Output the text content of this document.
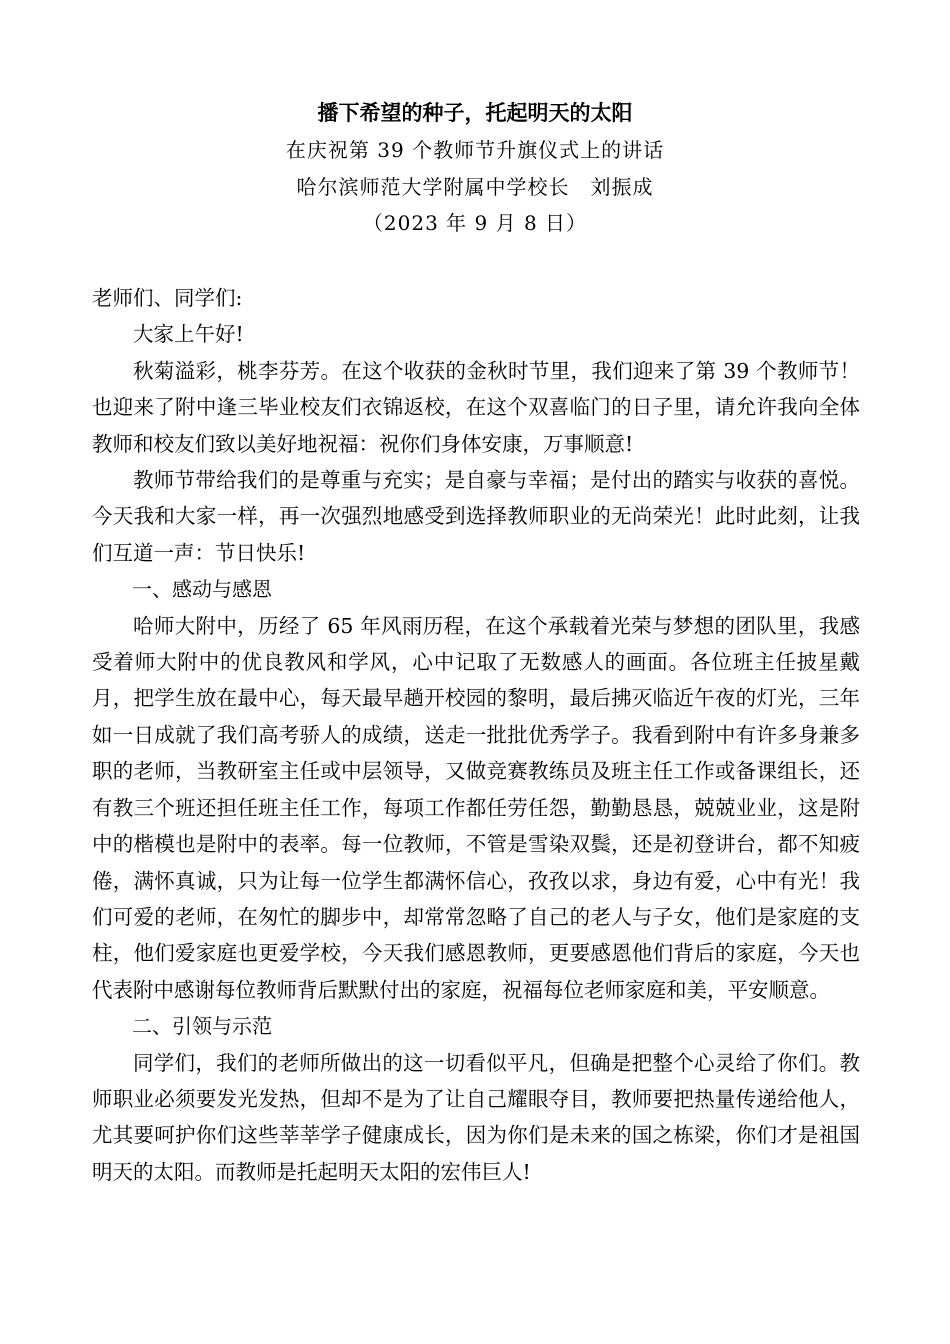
播下希望的种子，托起明天的太阳
在庆祝第 39 个教师节升旗仪式上的讲话
哈尔滨师范大学附属中学校长　刘振成
（2023 年 9 月 8 日）

老师们、同学们:

大家上午好!

秋菊溢彩，桃李芬芳。在这个收获的金秋时节里，我们迎来了第 39 个教师节！也迎来了附中逢三毕业校友们衣锦返校，在这个双喜临门的日子里，请允许我向全体教师和校友们致以美好地祝福：祝你们身体安康，万事顺意!

教师节带给我们的是尊重与充实；是自豪与幸福；是付出的踏实与收获的喜悦。今天我和大家一样，再一次强烈地感受到选择教师职业的无尚荣光！此时此刻，让我们互道一声：节日快乐!

一、感动与感恩

哈师大附中，历经了 65 年风雨历程，在这个承载着光荣与梦想的团队里，我感受着师大附中的优良教风和学风，心中记取了无数感人的画面。各位班主任披星戴月，把学生放在最中心，每天最早趟开校园的黎明，最后拂灭临近午夜的灯光，三年如一日成就了我们高考骄人的成绩，送走一批批优秀学子。我看到附中有许多身兼多职的老师，当教研室主任或中层领导，又做竞赛教练员及班主任工作或备课组长，还有教三个班还担任班主任工作，每项工作都任劳任怨，勤勤恳恳，兢兢业业，这是附中的楷模也是附中的表率。每一位教师，不管是雪染双鬓，还是初登讲台，都不知疲倦，满怀真诚，只为让每一位学生都满怀信心，孜孜以求，身边有爱，心中有光！我们可爱的老师，在匆忙的脚步中，却常常忽略了自己的老人与子女，他们是家庭的支柱，他们爱家庭也更爱学校，今天我们感恩教师，更要感恩他们背后的家庭，今天也代表附中感谢每位教师背后默默付出的家庭，祝福每位老师家庭和美，平安顺意。

二、引领与示范

同学们，我们的老师所做出的这一切看似平凡，但确是把整个心灵给了你们。教师职业必须要发光发热，但却不是为了让自己耀眼夺目，教师要把热量传递给他人，尤其要呵护你们这些莘莘学子健康成长，因为你们是未来的国之栋梁，你们才是祖国明天的太阳。而教师是托起明天太阳的宏伟巨人!
